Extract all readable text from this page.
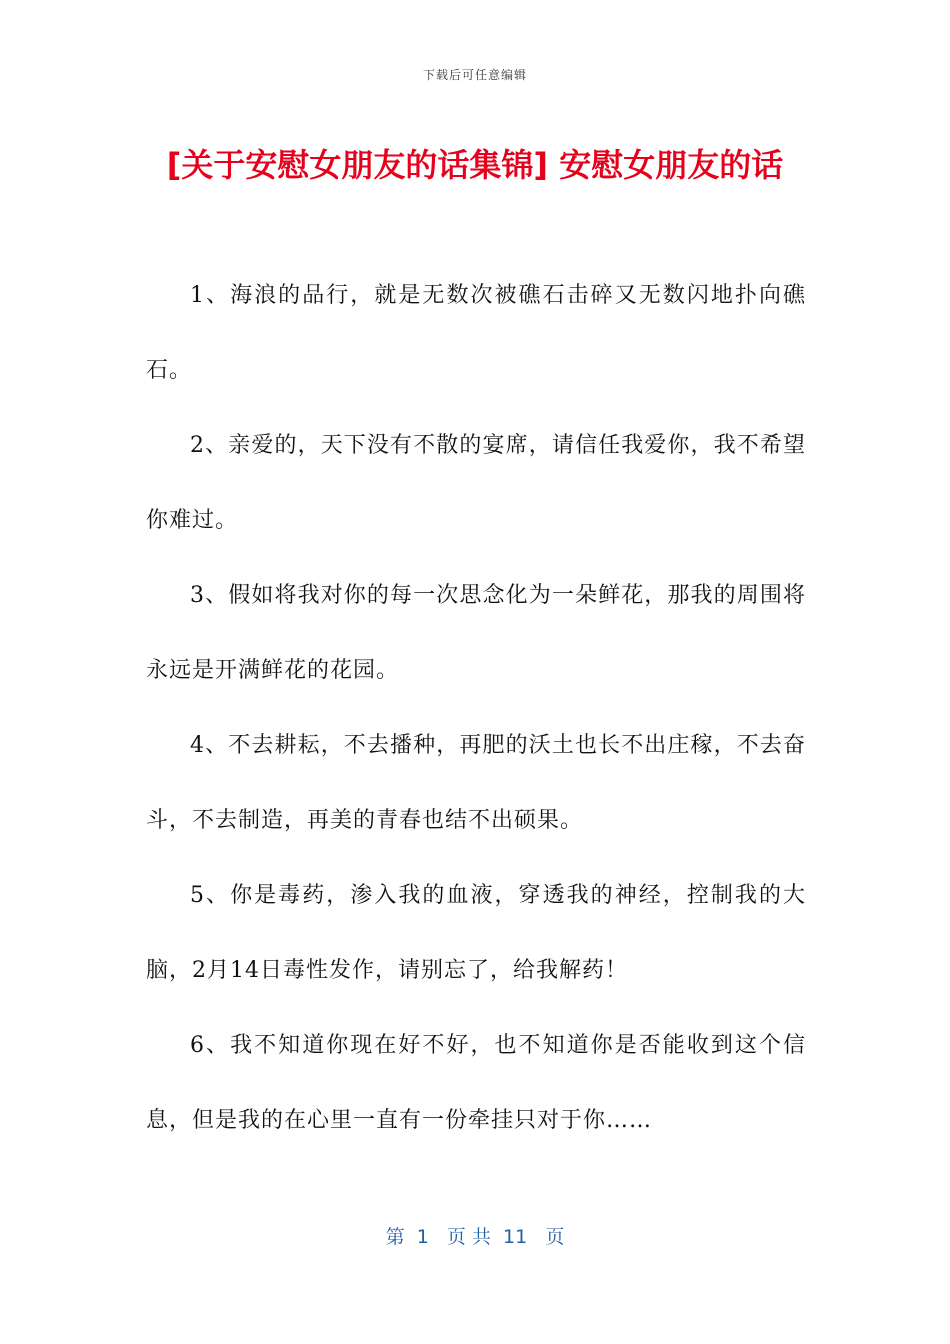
下载后可任意编辑
[关于安慰女朋友的话集锦] 安慰女朋友的话

1、海浪的品行，就是无数次被礁石击碎又无数闪地扑向礁石。

2、亲爱的，天下没有不散的宴席，请信任我爱你，我不希望你难过。

3、假如将我对你的每一次思念化为一朵鲜花，那我的周围将永远是开满鲜花的花园。

4、不去耕耘，不去播种，再肥的沃土也长不出庄稼，不去奋斗，不去制造，再美的青春也结不出硕果。

5、你是毒药，渗入我的血液，穿透我的神经，控制我的大脑，2月14日毒性发作，请别忘了，给我解药！

6、我不知道你现在好不好，也不知道你是否能收到这个信息，但是我的在心里一直有一份牵挂只对于你……

第  1   页 共  11   页
